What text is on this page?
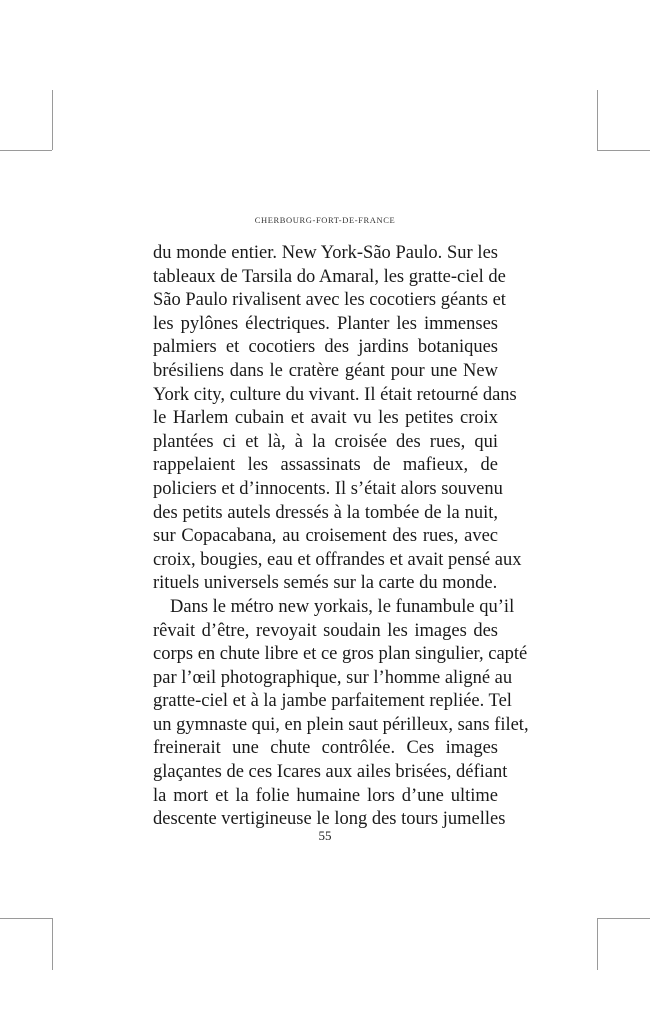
CHERBOURG-FORT-DE-FRANCE
du monde entier. New York-São Paulo. Sur les
tableaux de Tarsila do Amaral, les gratte-ciel de
São Paulo rivalisent avec les cocotiers géants et
les pylônes électriques. Planter les immenses
palmiers et cocotiers des jardins botaniques
brésiliens dans le cratère géant pour une New
York city, culture du vivant. Il était retourné dans
le Harlem cubain et avait vu les petites croix
plantées ci et là, à la croisée des rues, qui
rappelaient les assassinats de mafieux, de
policiers et d’innocents. Il s’était alors souvenu
des petits autels dressés à la tombée de la nuit,
sur Copacabana, au croisement des rues, avec
croix, bougies, eau et offrandes et avait pensé aux
rituels universels semés sur la carte du monde.
Dans le métro new yorkais, le funambule qu’il
rêvait d’être, revoyait soudain les images des
corps en chute libre et ce gros plan singulier, capté
par l’œil photographique, sur l’homme aligné au
gratte-ciel et à la jambe parfaitement repliée. Tel
un gymnaste qui, en plein saut périlleux, sans filet,
freinerait une chute contrôlée. Ces images
glaçantes de ces Icares aux ailes brisées, défiant
la mort et la folie humaine lors d’une ultime
descente vertigineuse le long des tours jumelles
55
